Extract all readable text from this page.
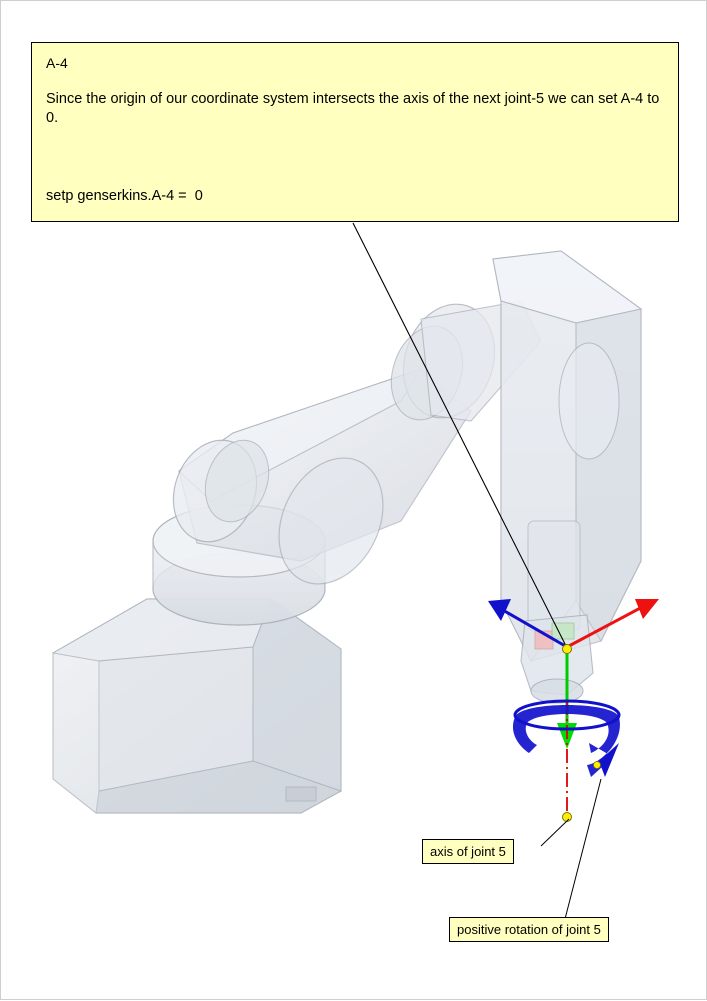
A-4
Since the origin of our coordinate system intersects the axis of the next joint-5 we can set A-4 to 0.
setp genserkins.A-4 =  0
axis of joint 5
positive rotation of joint 5
